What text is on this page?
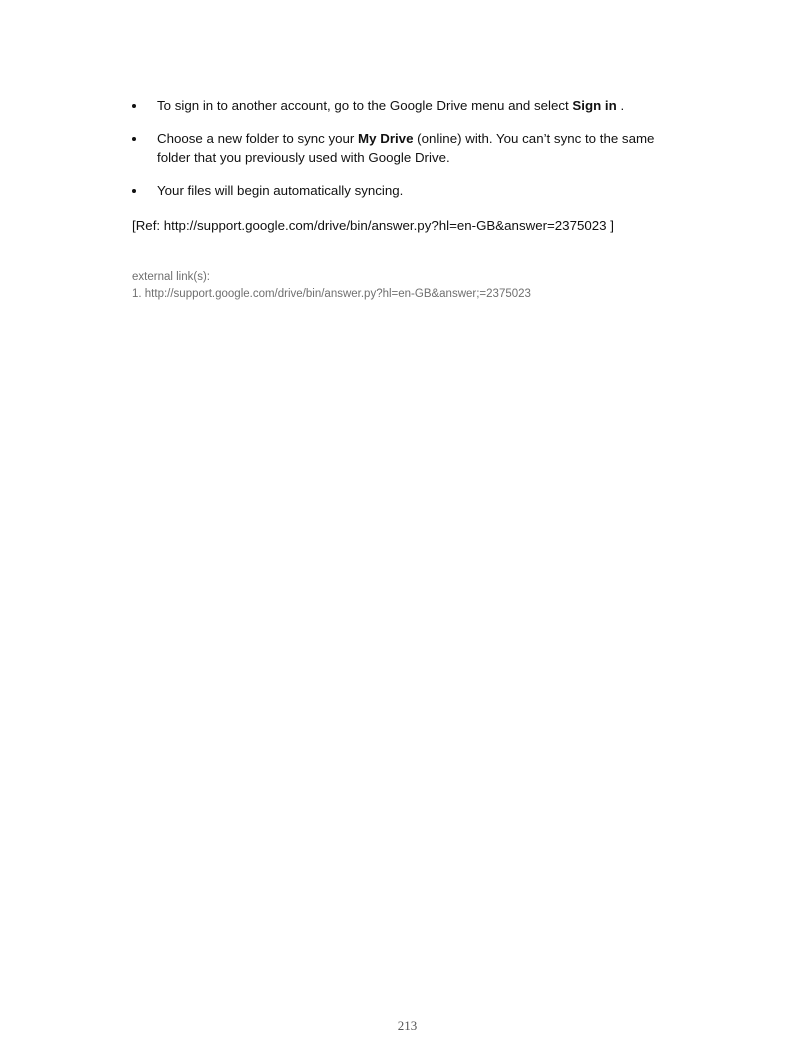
To sign in to another account, go to the Google Drive menu and select Sign in .
Choose a new folder to sync your My Drive (online) with. You can’t sync to the same folder that you previously used with Google Drive.
Your files will begin automatically syncing.
[Ref: http://support.google.com/drive/bin/answer.py?hl=en-GB&answer=2375023 ]
external link(s):
1. http://support.google.com/drive/bin/answer.py?hl=en-GB&answer;=2375023
213
